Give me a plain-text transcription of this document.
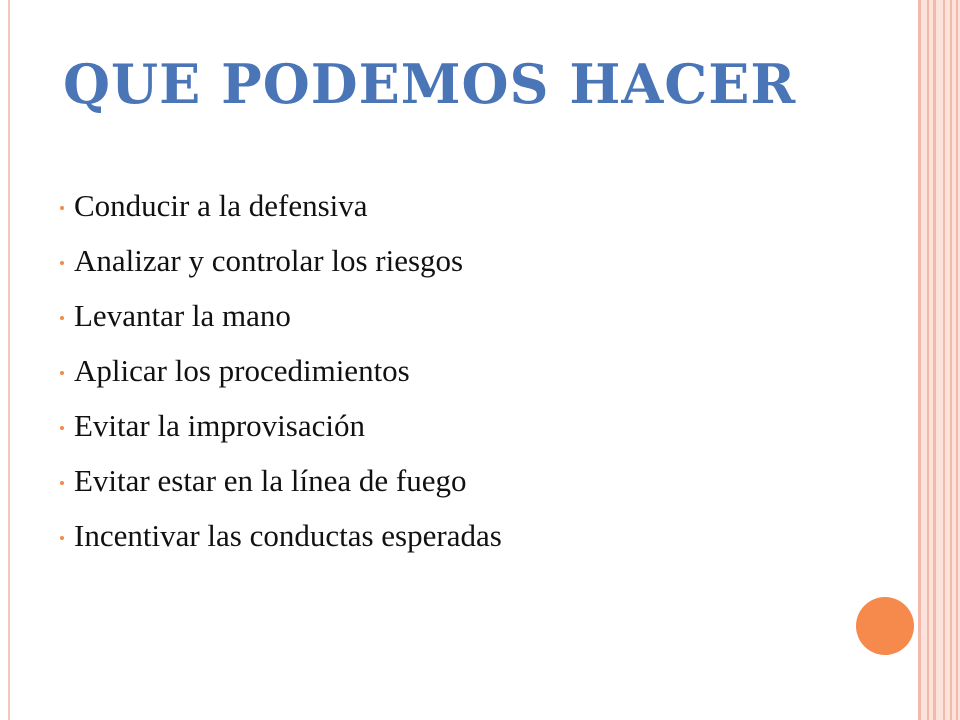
QUE PODEMOS HACER
Conducir a la defensiva
Analizar y controlar los riesgos
Levantar la mano
Aplicar los procedimientos
Evitar la improvisación
Evitar estar en la línea de fuego
Incentivar las conductas esperadas
